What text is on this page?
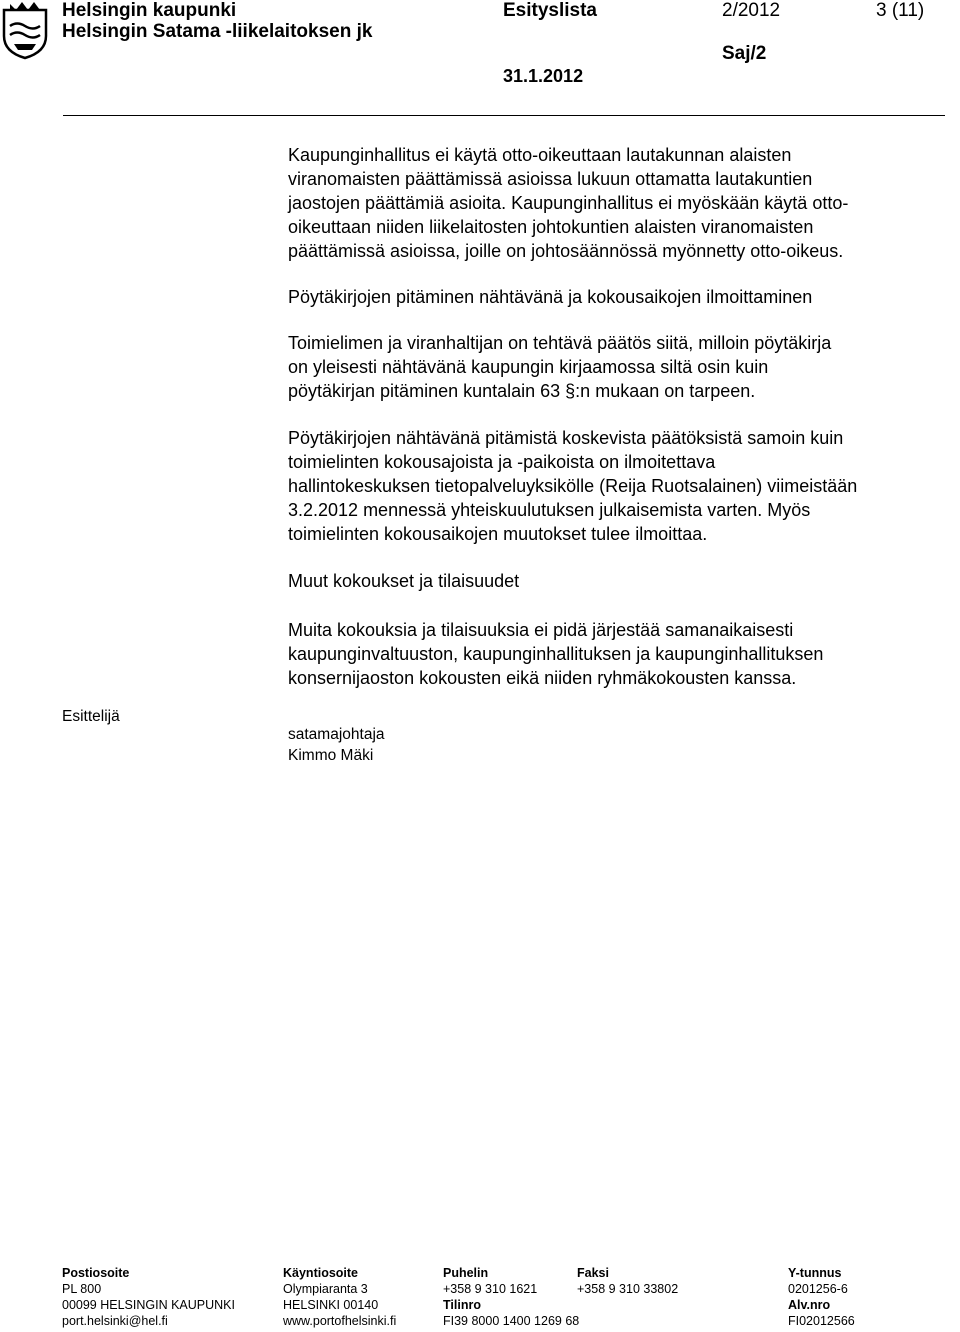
Helsingin kaupunki
Helsingin Satama -liikelaitoksen jk
Esityslista	2/2012	3 (11)
Saj/2
31.1.2012
Kaupunginhallitus ei käytä otto-oikeuttaan lautakunnan alaisten
viranomaisten päättämissä asioissa lukuun ottamatta lautakuntien
jaostojen päättämiä asioita. Kaupunginhallitus ei myöskään käytä otto-
oikeuttaan niiden liikelaitosten johtokuntien alaisten viranomaisten
päättämissä asioissa, joille on johtosäännössä myönnetty otto-oikeus.
Pöytäkirjojen pitäminen nähtävänä ja kokousaikojen ilmoittaminen
Toimielimen ja viranhaltijan on tehtävä päätös siitä, milloin pöytäkirja
on yleisesti nähtävänä kaupungin kirjaamossa siltä osin kuin
pöytäkirjan pitäminen kuntalain 63 §:n mukaan on tarpeen.
Pöytäkirjojen nähtävänä pitämistä koskevista päätöksistä samoin kuin
toimielinten kokousajoista ja -paikoista on ilmoitettava
hallintokeskuksen tietopalveluyksikölle (Reija Ruotsalainen) viimeistään
3.2.2012 mennessä yhteiskuulutuksen julkaisemista varten. Myös
toimielinten kokousaikojen muutokset tulee ilmoittaa.
Muut kokoukset ja tilaisuudet
Muita kokouksia ja tilaisuuksia ei pidä järjestää samanaikaisesti
kaupunginvaltuuston, kaupunginhallituksen ja kaupunginhallituksen
konsernijaoston kokousten eikä niiden ryhmäkokousten kanssa.
Esittelijä
satamajohtaja
Kimmo Mäki
Postiosoite
PL 800
00099 HELSINGIN KAUPUNKI
port.helsinki@hel.fi
Käyntiosoite
Olympiaranta 3
HELSINKI 00140
www.portofhelsinki.fi
Puhelin
+358 9 310 1621
Tilinro
FI39 8000 1400 1269 68
Faksi
+358 9 310 33802
Y-tunnus
0201256-6
Alv.nro
FI02012566
